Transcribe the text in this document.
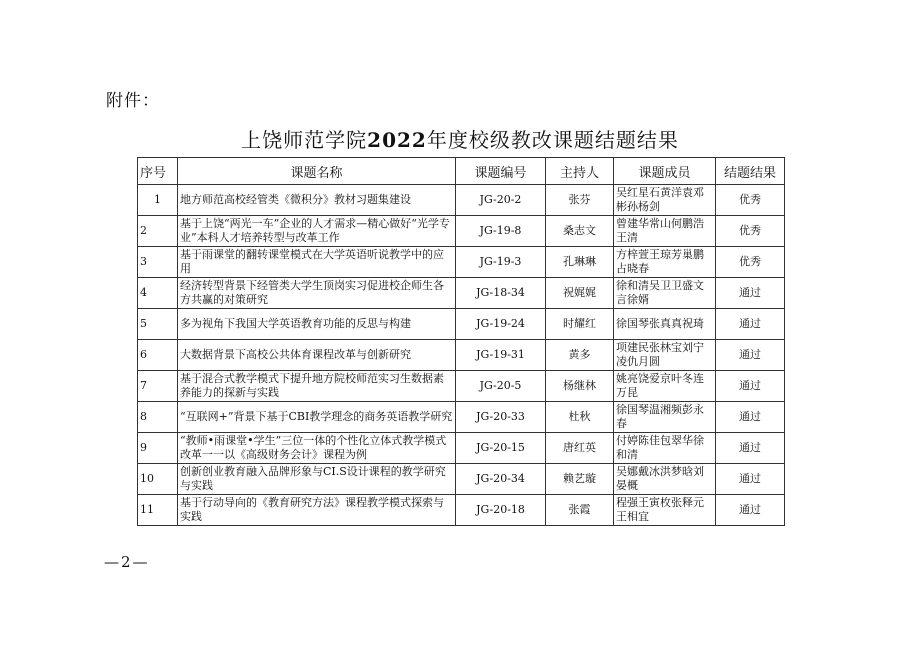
附件：
上饶师范学院2022年度校级教改课题结题结果
序号	课题名称	课题编号	主持人	课题成员	结题结果
1	地方师范高校经管类《微积分》教材习题集建设	JG-20-2	张芬	吴红星石黄洋袁邓彬孙杨剑	优秀
2	基于上饶“两光一车”企业的人才需求—精心做好“光学专业”本科人才培养转型与改革工作	JG-19-8	桑志文	曾建华常山何鹏浩王清	优秀
3	基于雨课堂的翻转课堂模式在大学英语听说教学中的应用	JG-19-3	孔琳琳	方梓萱王琼芳巢鹏占晓春	优秀
4	经济转型背景下经管类大学生顶岗实习促进校企师生各方共赢的对策研究	JG-18-34	祝娓娓	徐和清吴卫卫盛文言徐婿	通过
5	多为视角下我国大学英语教育功能的反思与构建	JG-19-24	时耀红	徐国琴张真真祝琦	通过
6	大数据背景下高校公共体育课程改革与创新研究	JG-19-31	黄多	项建民张林宝刘宁凌仇月圆	通过
7	基于混合式教学模式下提升地方院校师范实习生数据素养能力的探新与实践	JG-20-5	杨继林	姚亮饶爱京叶冬连万昆	通过
8	“互联网+”背景下基于CBI教学理念的商务英语教学研究	JG-20-33	杜秋	徐国琴温湘频彭永春	通过
9	“教师•雨课堂•学生”三位一体的个性化立体式教学模式改革一一以《高级财务会计》课程为例	JG-20-15	唐红英	付婷陈佳包翠华徐和清	通过
10	创新创业教育融入品牌形象与CI.S设计课程的教学研究与实践	JG-20-34	赖艺璇	吴娜戴冰洪梦晗刘晏概	通过
11	基于行动导向的《教育研究方法》课程教学模式探索与实践	JG-20-18	张霞	程强王寅枚张释元王相宜	通过
—2—
